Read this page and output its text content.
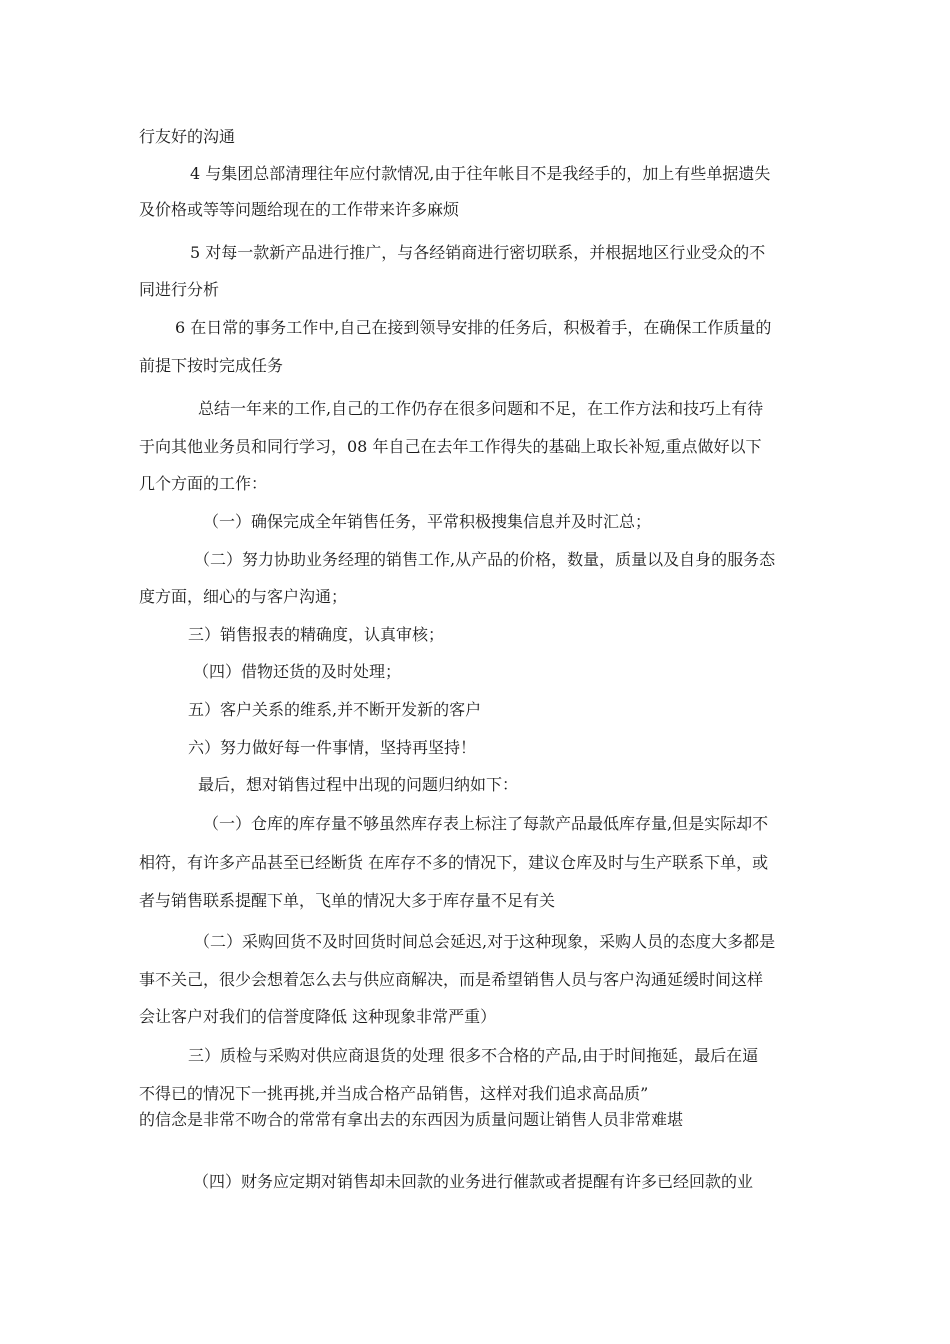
行友好的沟通
4 与集团总部清理往年应付款情况,由于往年帐目不是我经手的，加上有些单据遗失
及价格或等等问题给现在的工作带来许多麻烦
5 对每一款新产品进行推广，与各经销商进行密切联系，并根据地区行业受众的不
同进行分析
6 在日常的事务工作中,自己在接到领导安排的任务后，积极着手，在确保工作质量的
前提下按时完成任务
总结一年来的工作,自己的工作仍存在很多问题和不足，在工作方法和技巧上有待
于向其他业务员和同行学习，08 年自己在去年工作得失的基础上取长补短,重点做好以下
几个方面的工作：
（一）确保完成全年销售任务，平常积极搜集信息并及时汇总；
（二）努力协助业务经理的销售工作,从产品的价格，数量，质量以及自身的服务态
度方面，细心的与客户沟通；
三）销售报表的精确度，认真审核；
（四）借物还货的及时处理；
五）客户关系的维系,并不断开发新的客户
六）努力做好每一件事情，坚持再坚持！
最后，想对销售过程中出现的问题归纳如下：
（一）仓库的库存量不够虽然库存表上标注了每款产品最低库存量,但是实际却不
相符，有许多产品甚至已经断货 在库存不多的情况下，建议仓库及时与生产联系下单，或
者与销售联系提醒下单，飞单的情况大多于库存量不足有关
（二）采购回货不及时回货时间总会延迟,对于这种现象，采购人员的态度大多都是
事不关己，很少会想着怎么去与供应商解决，而是希望销售人员与客户沟通延缓时间这样
会让客户对我们的信誉度降低 这种现象非常严重）
三）质检与采购对供应商退货的处理 很多不合格的产品,由于时间拖延，最后在逼
不得已的情况下一挑再挑,并当成合格产品销售，这样对我们追求高品质”
的信念是非常不吻合的常常有拿出去的东西因为质量问题让销售人员非常难堪
（四）财务应定期对销售却未回款的业务进行催款或者提醒有许多已经回款的业
